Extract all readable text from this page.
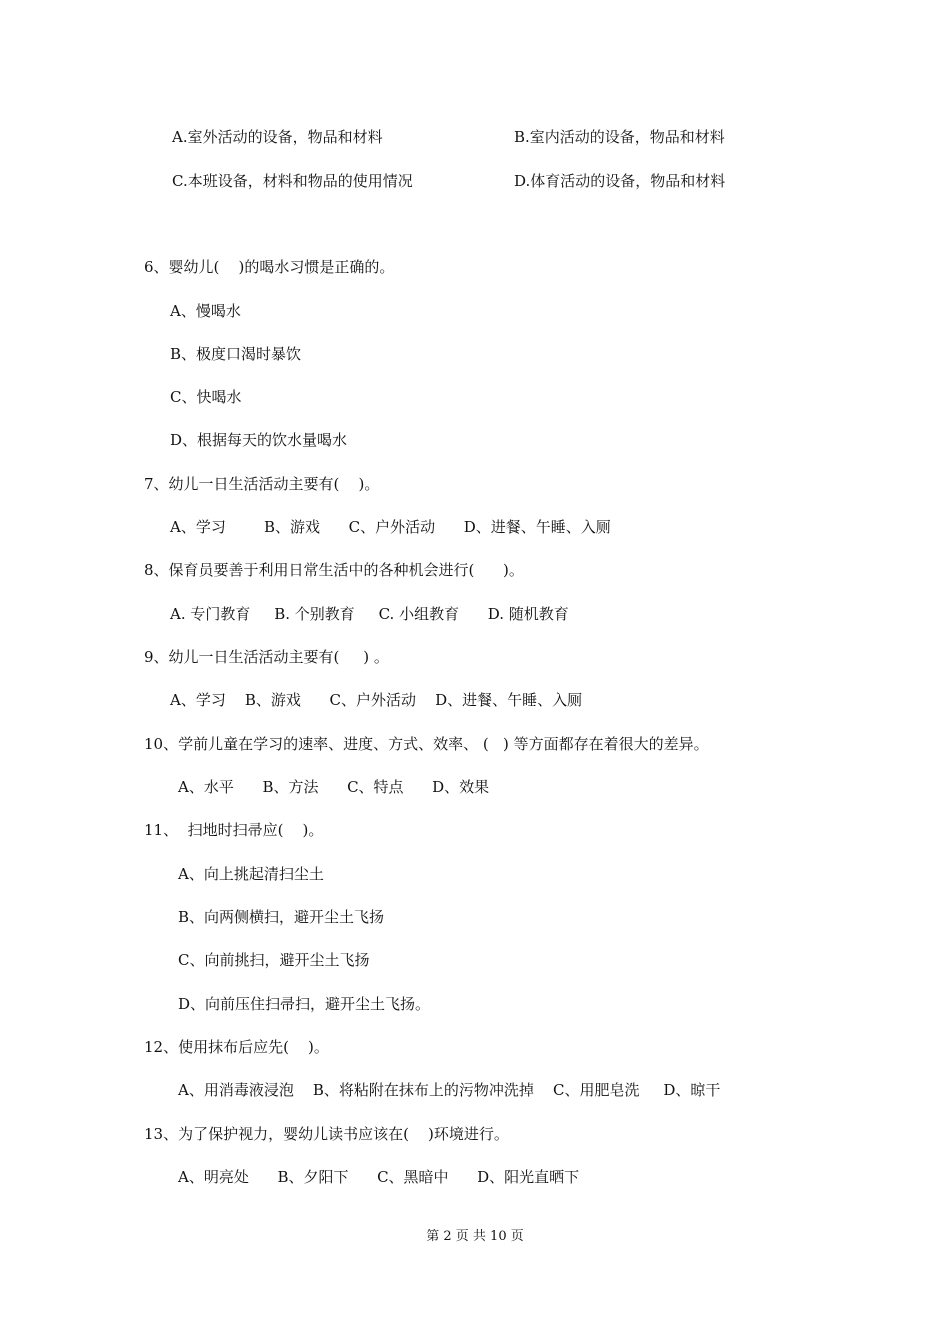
A.室外活动的设备，物品和材料	B.室内活动的设备，物品和材料
C.本班设备，材料和物品的使用情况	D.体育活动的设备，物品和材料
6、婴幼儿(    )的喝水习惯是正确的。
A、慢喝水
B、极度口渴时暴饮
C、快喝水
D、根据每天的饮水量喝水
7、幼儿一日生活活动主要有(    )。
A、学习        B、游戏      C、户外活动      D、进餐、午睡、入厕
8、保育员要善于利用日常生活中的各种机会进行(      )。
A. 专门教育     B. 个别教育     C. 小组教育      D. 随机教育
9、幼儿一日生活活动主要有(     ) 。
A、学习    B、游戏      C、户外活动    D、进餐、午睡、入厕
10、学前儿童在学习的速率、进度、方式、效率、 (   ) 等方面都存在着很大的差异。
A、水平      B、方法      C、特点      D、效果
11、  扫地时扫帚应(    )。
A、向上挑起清扫尘土
B、向两侧横扫，避开尘土飞扬
C、向前挑扫，避开尘土飞扬
D、向前压住扫帚扫，避开尘土飞扬。
12、使用抹布后应先(    )。
A、用消毒液浸泡    B、将粘附在抹布上的污物冲洗掉    C、用肥皂洗     D、晾干
13、为了保护视力，婴幼儿读书应该在(    )环境进行。
A、明亮处      B、夕阳下      C、黑暗中      D、阳光直晒下
第 2 页 共 10 页
